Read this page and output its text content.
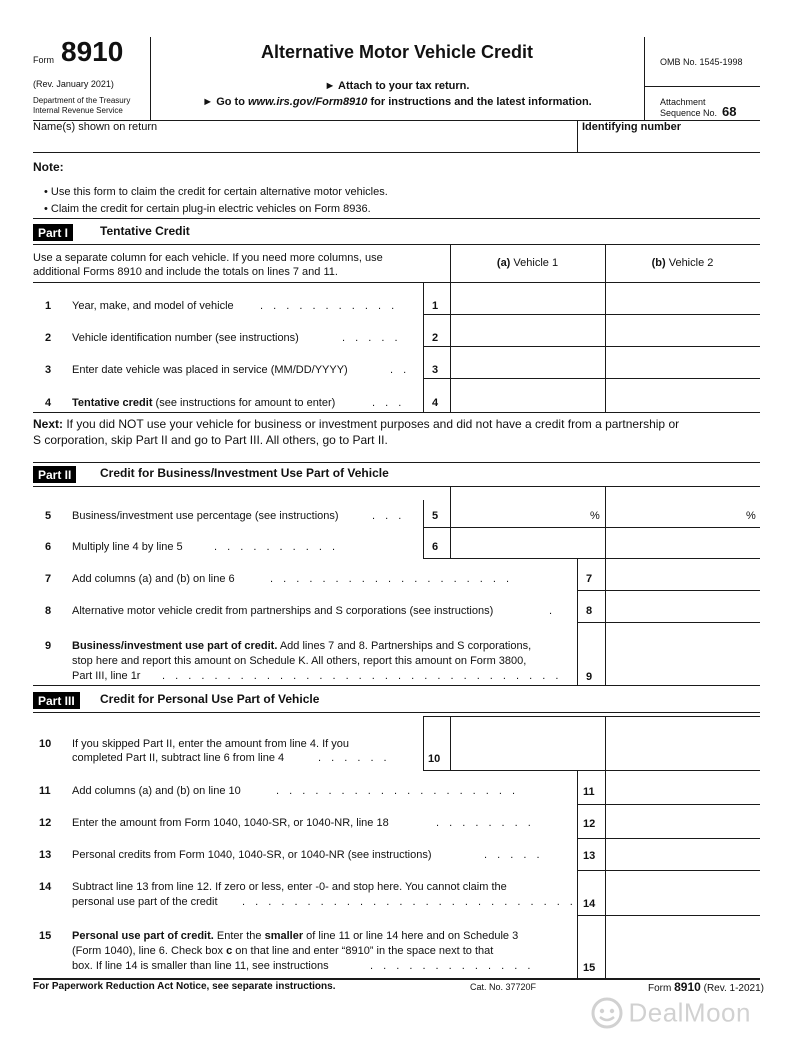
Form 8910
(Rev. January 2021)
Department of the Treasury
Internal Revenue Service
Alternative Motor Vehicle Credit
► Attach to your tax return.
► Go to www.irs.gov/Form8910 for instructions and the latest information.
OMB No. 1545-1998
Attachment
Sequence No. 68
Name(s) shown on return	Identifying number
Note:
• Use this form to claim the credit for certain alternative motor vehicles.
• Claim the credit for certain plug-in electric vehicles on Form 8936.
Part I	Tentative Credit
Use a separate column for each vehicle. If you need more columns, use
additional Forms 8910 and include the totals on lines 7 and 11.
(a) Vehicle 1	(b) Vehicle 2
1 Year, make, and model of vehicle . . . . . . . . . . .	1
2 Vehicle identification number (see instructions)	. . . . .	2
3 Enter date vehicle was placed in service (MM/DD/YYYY)	. . 3
4 Tentative credit (see instructions for amount to enter)	. . . 4
Next: If you did NOT use your vehicle for business or investment purposes and did not have a credit from a partnership or
S corporation, skip Part II and go to Part III. All others, go to Part II.
Part II	Credit for Business/Investment Use Part of Vehicle
5 Business/investment use percentage (see instructions)	. . . 5	%	%
6 Multiply line 4 by line 5	. . . . . . . . . .	6
7 Add columns (a) and (b) on line 6	. . . . . . . . . . . . . . . . . . .	7
8 Alternative motor vehicle credit from partnerships and S corporations (see instructions)	.	8
9 Business/investment use part of credit. Add lines 7 and 8. Partnerships and S corporations,
stop here and report this amount on Schedule K. All others, report this amount on Form 3800,
Part III, line 1r . . . . . . . . . . . . . . . . . . . . . . . . . . . . . . . 9
Part III	Credit for Personal Use Part of Vehicle
10 If you skipped Part II, enter the amount from line 4. If you
completed Part II, subtract line 6 from line 4	. . . . . .	10
11 Add columns (a) and (b) on line 10	. . . . . . . . . . . . . . . . . . .	11
12 Enter the amount from Form 1040, 1040-SR, or 1040-NR, line 18	. . . . . . . .	12
13 Personal credits from Form 1040, 1040-SR, or 1040-NR (see instructions)	. . . . .	13
14 Subtract line 13 from line 12. If zero or less, enter -0- and stop here. You cannot claim the
personal use part of the credit . . . . . . . . . . . . . . . . . . . . . . . . . . 14
15 Personal use part of credit. Enter the smaller of line 11 or line 14 here and on Schedule 3
(Form 1040), line 6. Check box c on that line and enter “8910” in the space next to that
box. If line 14 is smaller than line 11, see instructions	. . . . . . . . . . . . .	15
For Paperwork Reduction Act Notice, see separate instructions.	Cat. No. 37720F	Form 8910 (Rev. 1-2021)
DealMoon
